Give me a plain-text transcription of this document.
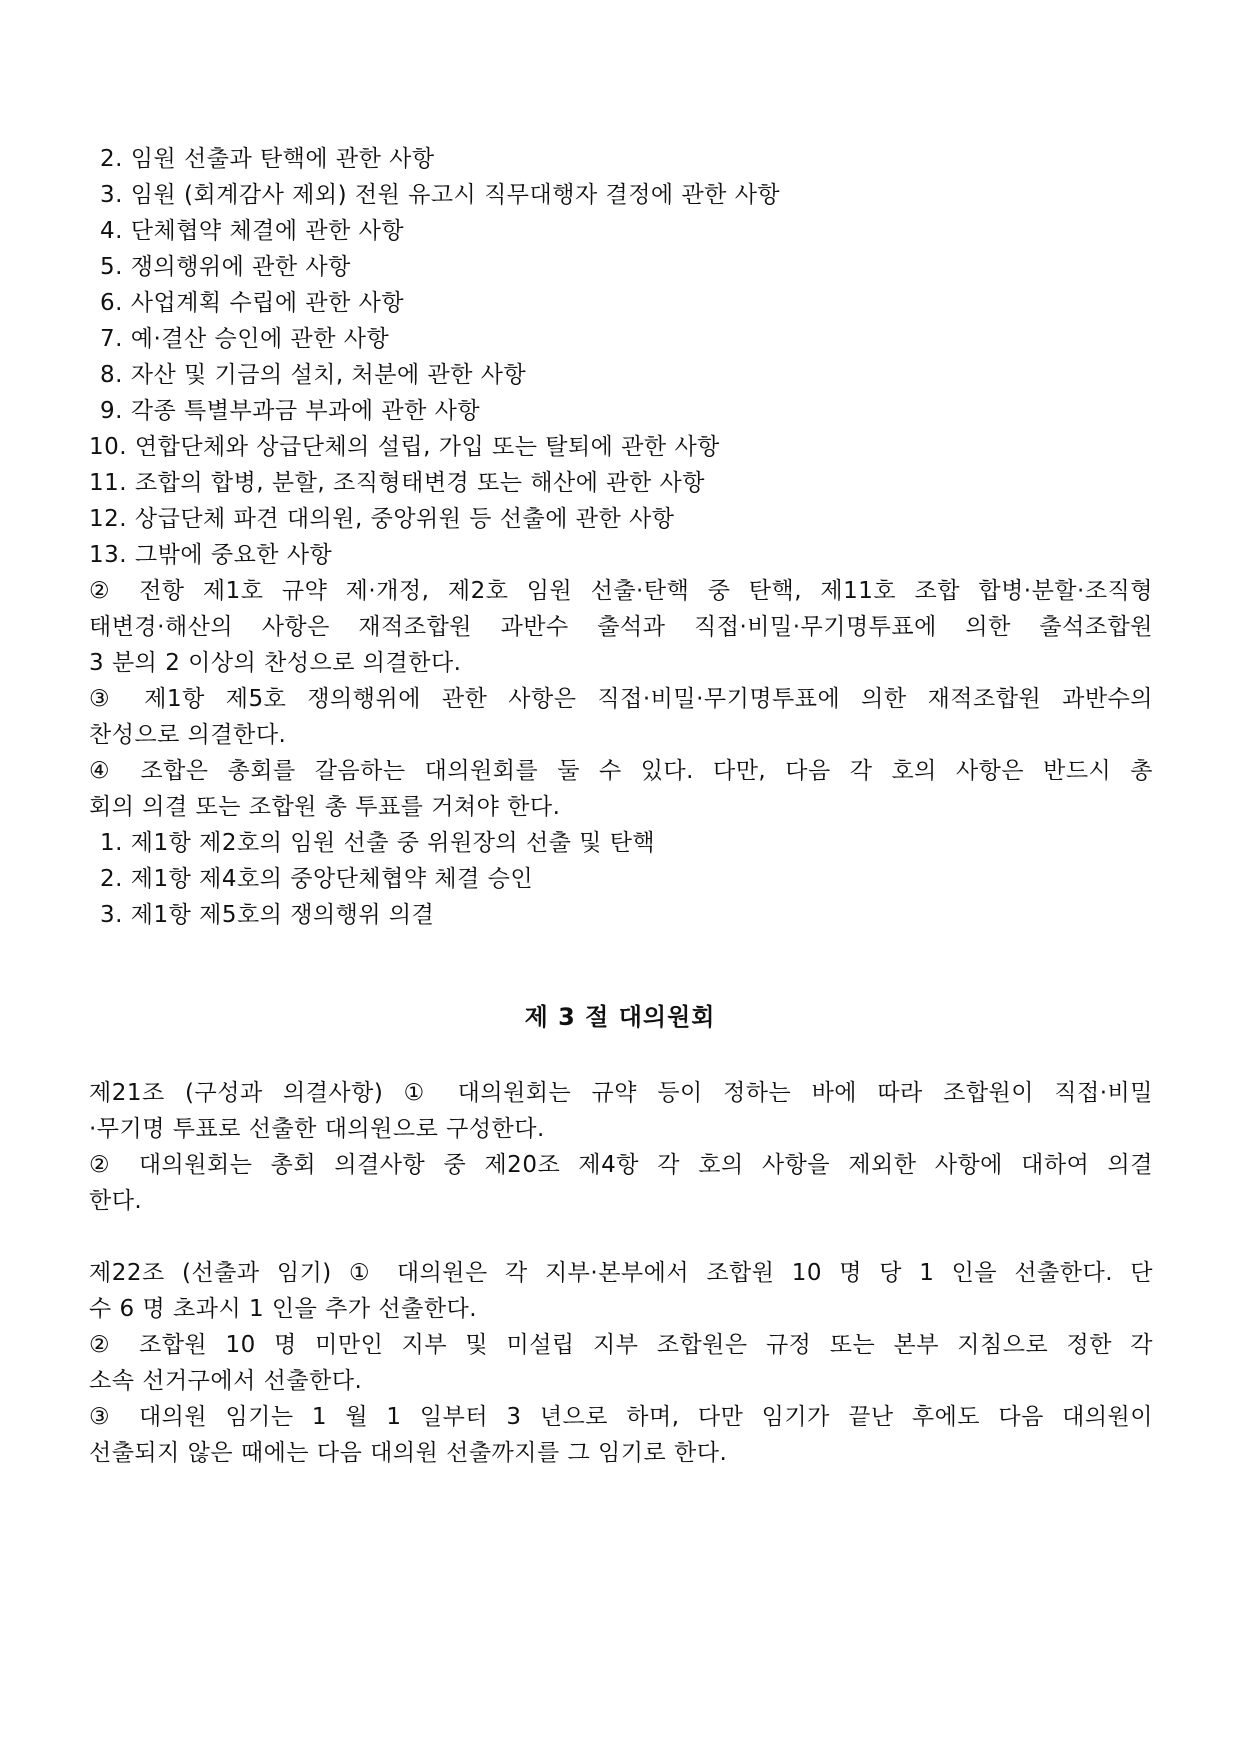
2. 임원 선출과 탄핵에 관한 사항
3. 임원 (회계감사 제외) 전원 유고시 직무대행자 결정에 관한 사항
4. 단체협약 체결에 관한 사항
5. 쟁의행위에 관한 사항
6. 사업계획 수립에 관한 사항
7. 예·결산 승인에 관한 사항
8. 자산 및 기금의 설치, 처분에 관한 사항
9. 각종 특별부과금 부과에 관한 사항
10. 연합단체와 상급단체의 설립, 가입 또는 탈퇴에 관한 사항
11. 조합의 합병, 분할, 조직형태변경 또는 해산에 관한 사항
12. 상급단체 파견 대의원, 중앙위원 등 선출에 관한 사항
13. 그밖에 중요한 사항
② 전항 제1호 규약 제·개정, 제2호 임원 선출·탄핵 중 탄핵, 제11호 조합 합병·분할·조직형
태변경·해산의 사항은 재적조합원 과반수 출석과 직접·비밀·무기명투표에 의한 출석조합원
3 분의 2 이상의 찬성으로 의결한다.
③ 제1항 제5호 쟁의행위에 관한 사항은 직접·비밀·무기명투표에 의한 재적조합원 과반수의
찬성으로 의결한다.
④ 조합은 총회를 갈음하는 대의원회를 둘 수 있다. 다만, 다음 각 호의 사항은 반드시 총
회의 의결 또는 조합원 총 투표를 거쳐야 한다.
1. 제1항 제2호의 임원 선출 중 위원장의 선출 및 탄핵
2. 제1항 제4호의 중앙단체협약 체결 승인
3. 제1항 제5호의 쟁의행위 의결
제 3 절 대의원회
제21조 (구성과 의결사항) ① 대의원회는 규약 등이 정하는 바에 따라 조합원이 직접·비밀
·무기명 투표로 선출한 대의원으로 구성한다.
② 대의원회는 총회 의결사항 중 제20조 제4항 각 호의 사항을 제외한 사항에 대하여 의결
한다.
제22조 (선출과 임기) ① 대의원은 각 지부·본부에서 조합원 10 명 당 1 인을 선출한다. 단
수 6 명 초과시 1 인을 추가 선출한다.
② 조합원 10 명 미만인 지부 및 미설립 지부 조합원은 규정 또는 본부 지침으로 정한 각
소속 선거구에서 선출한다.
③ 대의원 임기는 1 월 1 일부터 3 년으로 하며, 다만 임기가 끝난 후에도 다음 대의원이
선출되지 않은 때에는 다음 대의원 선출까지를 그 임기로 한다.
